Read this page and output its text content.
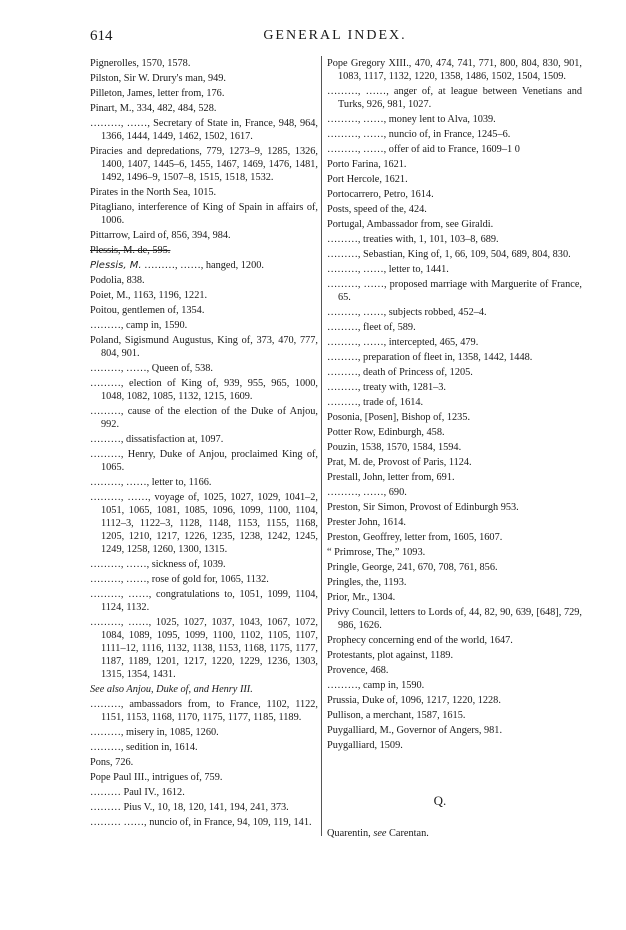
614	GENERAL INDEX.
Pignerolles, 1570, 1578.
Pilston, Sir W. Drury's man, 949.
Pilleton, James, letter from, 176.
Pinart, M., 334, 482, 484, 528.
………, ……, Secretary of State in, France, 948, 964, 1366, 1444, 1449, 1462, 1502, 1617.
Piracies and depredations, 779, 1273–9, 1285, 1326, 1400, 1407, 1445–6, 1455, 1467, 1469, 1476, 1481, 1492, 1496–9, 1507–8, 1515, 1518, 1532.
Pirates in the North Sea, 1015.
Pitagliano, interference of King of Spain in affairs of, 1006.
Pittarrow, Laird of, 856, 394, 984.
Plessis, M. de, 595.
Plessis, M. ………, ……, hanged, 1200.
Podolia, 838.
Poiet, M., 1163, 1196, 1221.
Poitou, gentlemen of, 1354.
………, camp in, 1590.
Poland, Sigismund Augustus, King of, 373, 470, 777, 804, 901.
………, ……, Queen of, 538.
………, election of King of, 939, 955, 965, 1000, 1048, 1082, 1085, 1132, 1215, 1609.
………, cause of the election of the Duke of Anjou, 992.
………, dissatisfaction at, 1097.
………, Henry, Duke of Anjou, proclaimed King of, 1065.
………, ……, letter to, 1166.
………, ……, voyage of, 1025, 1027, 1029, 1041–2, 1051, 1065, 1081, 1085, 1096, 1099, 1100, 1104, 1112–3, 1122–3, 1128, 1148, 1153, 1155, 1168, 1205, 1210, 1217, 1226, 1235, 1238, 1242, 1245, 1249, 1258, 1260, 1300, 1315.
………, ……, sickness of, 1039.
………, ……, rose of gold for, 1065, 1132.
………, ……, congratulations to, 1051, 1099, 1104, 1124, 1132.
………, ……, 1025, 1027, 1037, 1043, 1067, 1072, 1084, 1089, 1095, 1099, 1100, 1102, 1105, 1107, 1111–12, 1116, 1132, 1138, 1153, 1168, 1175, 1177, 1187, 1189, 1201, 1217, 1220, 1229, 1236, 1303, 1315, 1354, 1431.
See also Anjou, Duke of, and Henry III.
………, ambassadors from, to France, 1102, 1122, 1151, 1153, 1168, 1170, 1175, 1177, 1185, 1189.
………, misery in, 1085, 1260.
………, sedition in, 1614.
Pons, 726.
Pope Paul III., intrigues of, 759.
……… Paul IV., 1612.
……… Pius V., 10, 18, 120, 141, 194, 241, 373.
……… ……, nuncio of, in France, 94, 109, 119, 141.
Pope Gregory XIII., 470, 474, 741, 771, 800, 804, 830, 901, 1083, 1117, 1132, 1220, 1358, 1486, 1502, 1504, 1509.
………, ……, anger of, at league between Venetians and Turks, 926, 981, 1027.
………, ……, money lent to Alva, 1039.
………, ……, nuncio of, in France, 1245–6.
………, ……, offer of aid to France, 1609–1 0
Porto Farina, 1621.
Port Hercole, 1621.
Portocarrero, Petro, 1614.
Posts, speed of the, 424.
Portugal, Ambassador from, see Giraldi.
………, treaties with, 1, 101, 103–8, 689.
………, Sebastian, King of, 1, 66, 109, 504, 689, 804, 830.
………, ……, letter to, 1441.
………, ……, proposed marriage with Marguerite of France, 65.
………, ……, subjects robbed, 452–4.
………, fleet of, 589.
………, ……, intercepted, 465, 479.
………, preparation of fleet in, 1358, 1442, 1448.
………, death of Princess of, 1205.
………, treaty with, 1281–3.
………, trade of, 1614.
Posonia, [Posen], Bishop of, 1235.
Potter Row, Edinburgh, 458.
Pouzin, 1538, 1570, 1584, 1594.
Prat, M. de, Provost of Paris, 1124.
Prestall, John, letter from, 691.
………, ……, 690.
Preston, Sir Simon, Provost of Edinburgh 953.
Prester John, 1614.
Preston, Geoffrey, letter from, 1605, 1607.
“ Primrose, The,” 1093.
Pringle, George, 241, 670, 708, 761, 856.
Pringles, the, 1193.
Prior, Mr., 1304.
Privy Council, letters to Lords of, 44, 82, 90, 639, [648], 729, 986, 1626.
Prophecy concerning end of the world, 1647.
Protestants, plot against, 1189.
Provence, 468.
………, camp in, 1590.
Prussia, Duke of, 1096, 1217, 1220, 1228.
Pullison, a merchant, 1587, 1615.
Puygalliard, M., Governor of Angers, 981.
Puygalliard, 1509.
Q.
Quarentin, see Carentan.
